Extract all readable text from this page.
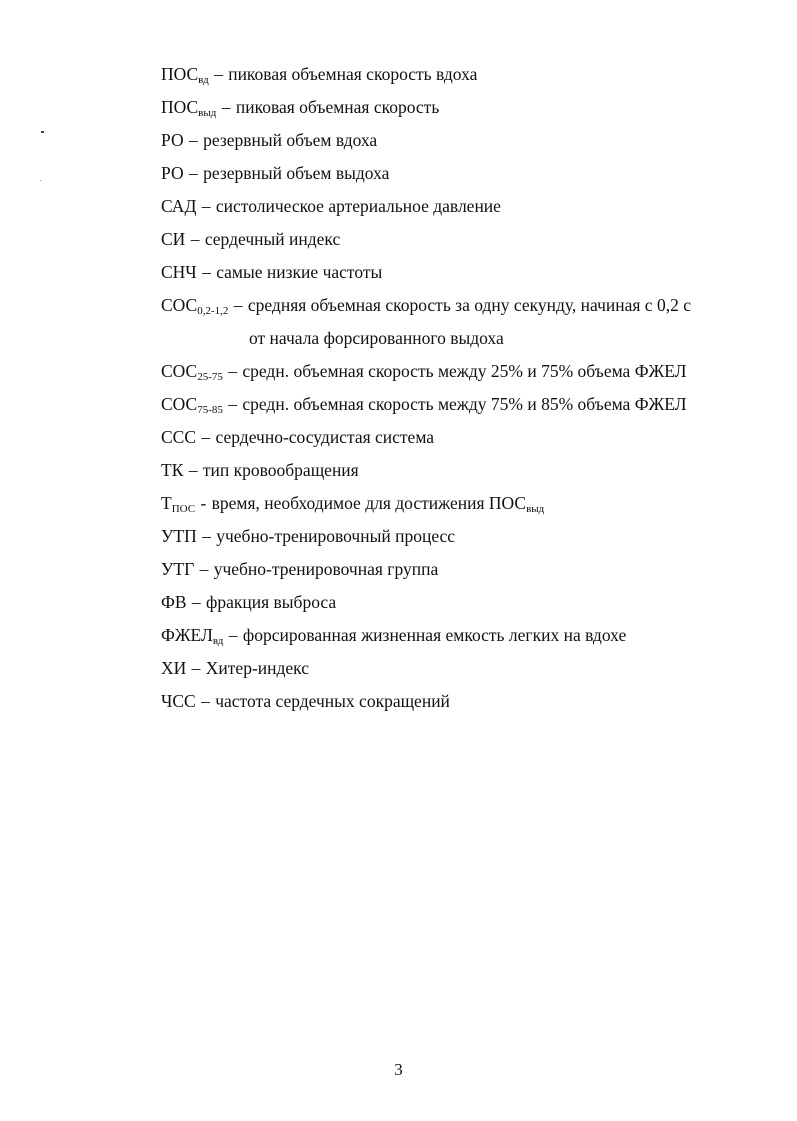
$ПОС_{вд}$ – пиковая объемная скорость вдоха
$ПОС_{выд}$ – пиковая объемная скорость
РО – резервный объем вдоха
РО – резервный объем выдоха
САД – систолическое артериальное давление
СИ – сердечный индекс
СНЧ – самые низкие частоты
$СОС_{0,2-1,2}$ – средняя объемная скорость за одну секунду, начиная с 0,2 с
от начала форсированного выдоха
$СОС_{25-75}$ – средн. объемная скорость между 25% и 75% объема ФЖЕЛ
$СОС_{75-85}$ – средн. объемная скорость между 75% и 85% объема ФЖЕЛ
ССС – сердечно-сосудистая система
ТК – тип кровообращения
$Т_{ПОС}$ - время, необходимое для достижения $ПОС_{выд}$
УТП – учебно-тренировочный процесс
УТГ – учебно-тренировочная группа
ФВ – фракция выброса
$ФЖЕЛ_{вд}$ – форсированная жизненная емкость легких на вдохе
ХИ – Хитер-индекс
ЧСС – частота сердечных сокращений
3
